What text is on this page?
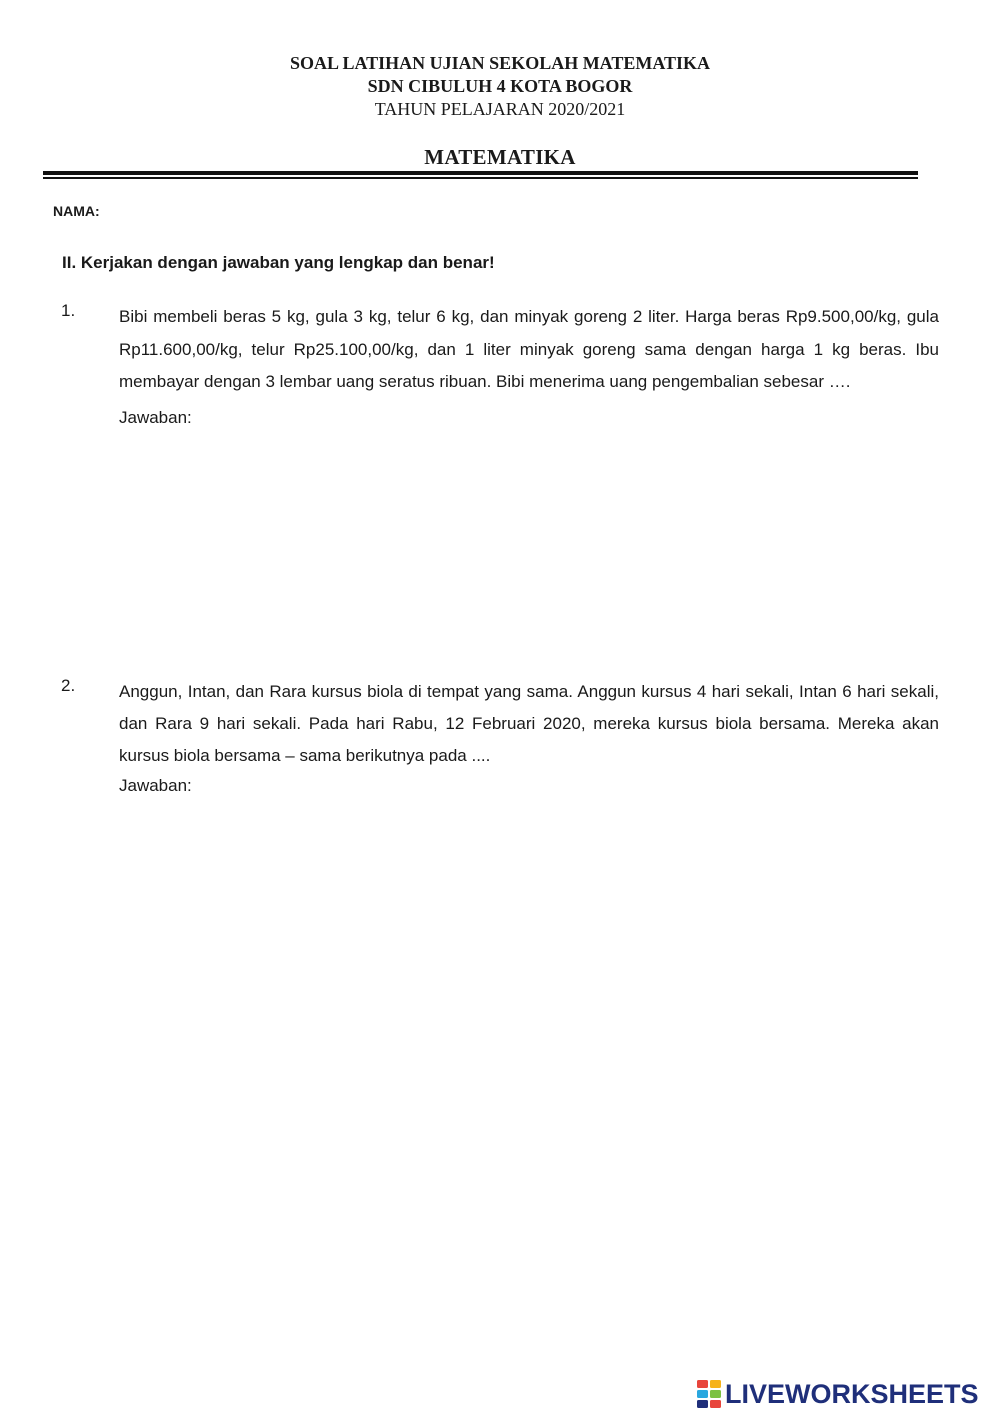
SOAL LATIHAN UJIAN SEKOLAH MATEMATIKA
SDN CIBULUH 4 KOTA BOGOR
TAHUN PELAJARAN 2020/2021
MATEMATIKA
NAMA:
II. Kerjakan dengan jawaban yang lengkap dan benar!
1.	Bibi membeli beras 5 kg, gula 3 kg, telur 6 kg, dan minyak goreng 2 liter. Harga beras Rp9.500,00/kg, gula Rp11.600,00/kg, telur Rp25.100,00/kg, dan 1 liter minyak goreng sama dengan harga 1 kg beras. Ibu membayar dengan 3 lembar uang seratus ribuan. Bibi menerima uang pengembalian sebesar ….
Jawaban:
2.	Anggun, Intan, dan Rara kursus biola di tempat yang sama. Anggun kursus 4 hari sekali, Intan 6 hari sekali, dan Rara 9 hari sekali. Pada hari Rabu, 12 Februari 2020, mereka kursus biola bersama. Mereka akan kursus biola bersama – sama berikutnya pada ....
Jawaban:
LIVEWORKSHEETS
